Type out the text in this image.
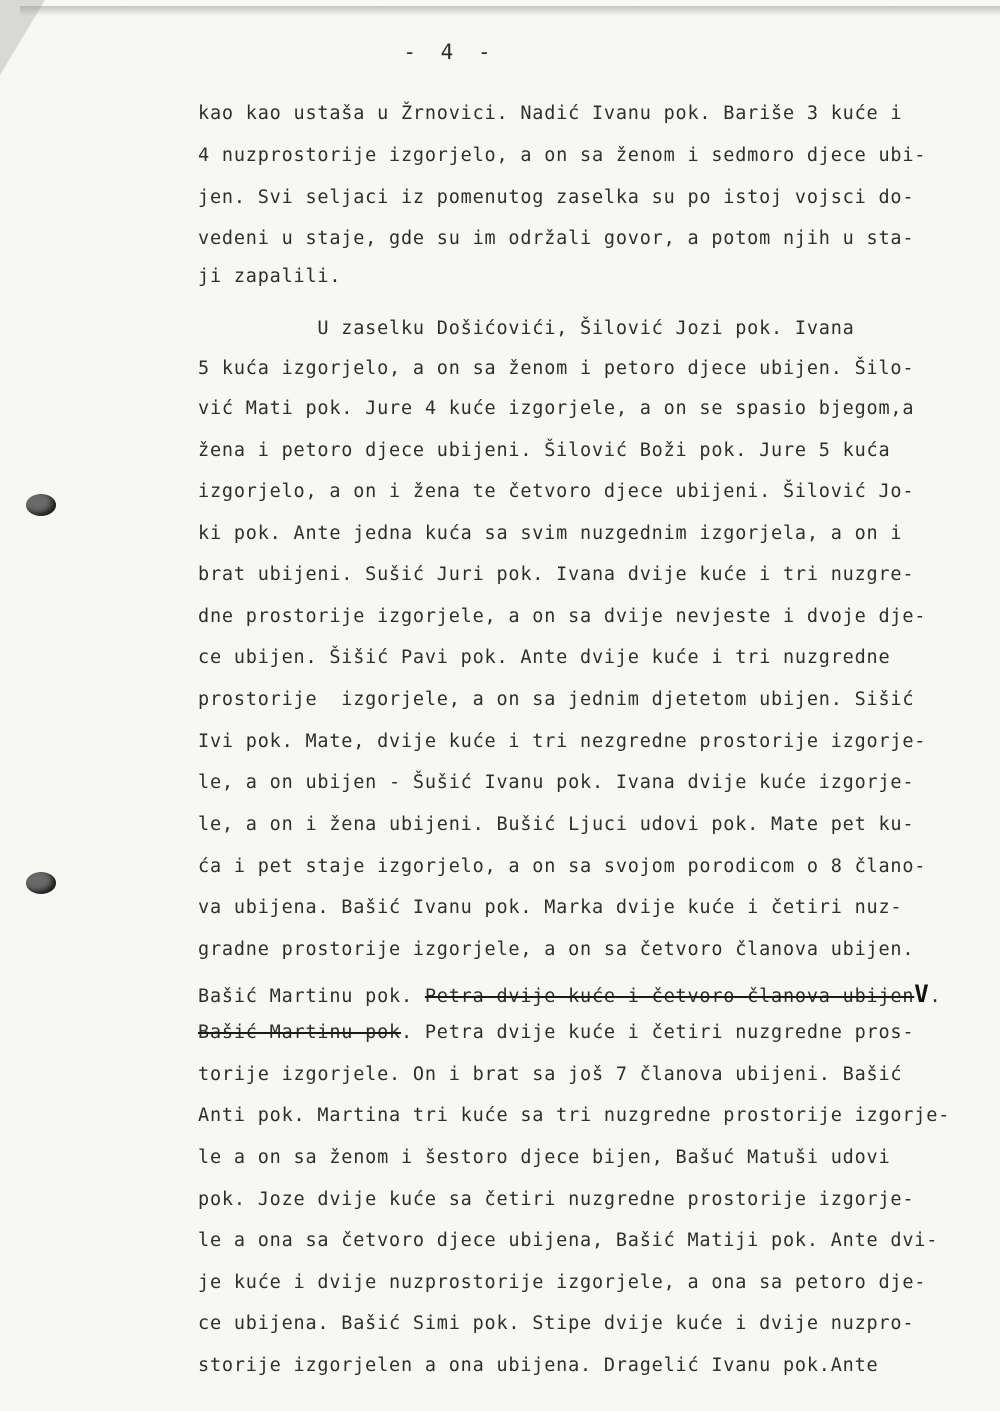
- 4 -
kao kao ustaša u Žrnovici. Nadić Ivanu pok. Bariše 3 kuće i
4 nuzprostorije izgorjelo, a on sa ženom i sedmoro djece ubi-
jen. Svi seljaci iz pomenutog zaselka su po istoj vojsci do-
vedeni u staje, gde su im održali govor, a potom njih u sta-
ji zapalili.
U zaselku Došićovići, Šilović Jozi pok. Ivana
5 kuća izgorjelo, a on sa ženom i petoro djece ubijen. Šilo-
vić Mati pok. Jure 4 kuće izgorjele, a on se spasio bjegom,a
žena i petoro djece ubijeni. Šilović Boži pok. Jure 5 kuća
izgorjelo, a on i žena te četvoro djece ubijeni. Šilović Jo-
ki pok. Ante jedna kuća sa svim nuzgednim izgorjela, a on i
brat ubijeni. Sušić Juri pok. Ivana dvije kuće i tri nuzgre-
dne prostorije izgorjele, a on sa dvije nevjeste i dvoje dje-
ce ubijen. Šišić Pavi pok. Ante dvije kuće i tri nuzgredne
prostorije  izgorjele, a on sa jednim djetetom ubijen. Sišić
Ivi pok. Mate, dvije kuće i tri nezgredne prostorije izgorje-
le, a on ubijen - Šušić Ivanu pok. Ivana dvije kuće izgorje-
le, a on i žena ubijeni. Bušić Ljuci udovi pok. Mate pet ku-
ća i pet staje izgorjelo, a on sa svojom porodicom o 8 člano-
va ubijena. Bašić Ivanu pok. Marka dvije kuće i četiri nuz-
gradne prostorije izgorjele, a on sa četvoro članova ubijen.
Bašić Martinu pok. Petra dvije kuće i četvoro članova ubijenV.
Bašić Martinu pok. Petra dvije kuće i četiri nuzgredne pros-
torije izgorjele. On i brat sa još 7 članova ubijeni. Bašić
Anti pok. Martina tri kuće sa tri nuzgredne prostorije izgorje-
le a on sa ženom i šestoro djece bijen, Bašuć Matuši udovi
pok. Joze dvije kuće sa četiri nuzgredne prostorije izgorje-
le a ona sa četvoro djece ubijena, Bašić Matiji pok. Ante dvi-
je kuće i dvije nuzprostorije izgorjele, a ona sa petoro dje-
ce ubijena. Bašić Simi pok. Stipe dvije kuće i dvije nuzpro-
storije izgorjelen a ona ubijena. Dragelić Ivanu pok.Ante
